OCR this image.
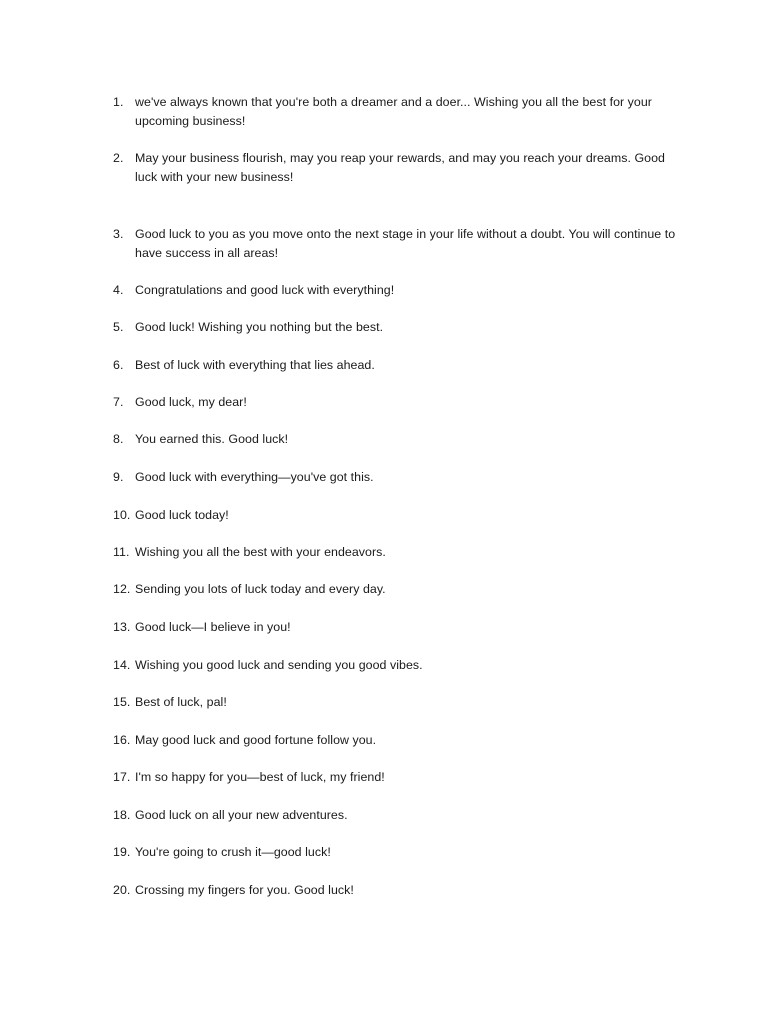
1. we've always known that you're both a dreamer and a doer... Wishing you all the best for your upcoming business!
2. May your business flourish, may you reap your rewards, and may you reach your dreams. Good luck with your new business!
3. Good luck to you as you move onto the next stage in your life without a doubt. You will continue to have success in all areas!
4. Congratulations and good luck with everything!
5. Good luck! Wishing you nothing but the best.
6. Best of luck with everything that lies ahead.
7. Good luck, my dear!
8. You earned this. Good luck!
9. Good luck with everything—you've got this.
10. Good luck today!
11. Wishing you all the best with your endeavors.
12. Sending you lots of luck today and every day.
13. Good luck—I believe in you!
14. Wishing you good luck and sending you good vibes.
15. Best of luck, pal!
16. May good luck and good fortune follow you.
17. I'm so happy for you—best of luck, my friend!
18. Good luck on all your new adventures.
19. You're going to crush it—good luck!
20. Crossing my fingers for you. Good luck!
